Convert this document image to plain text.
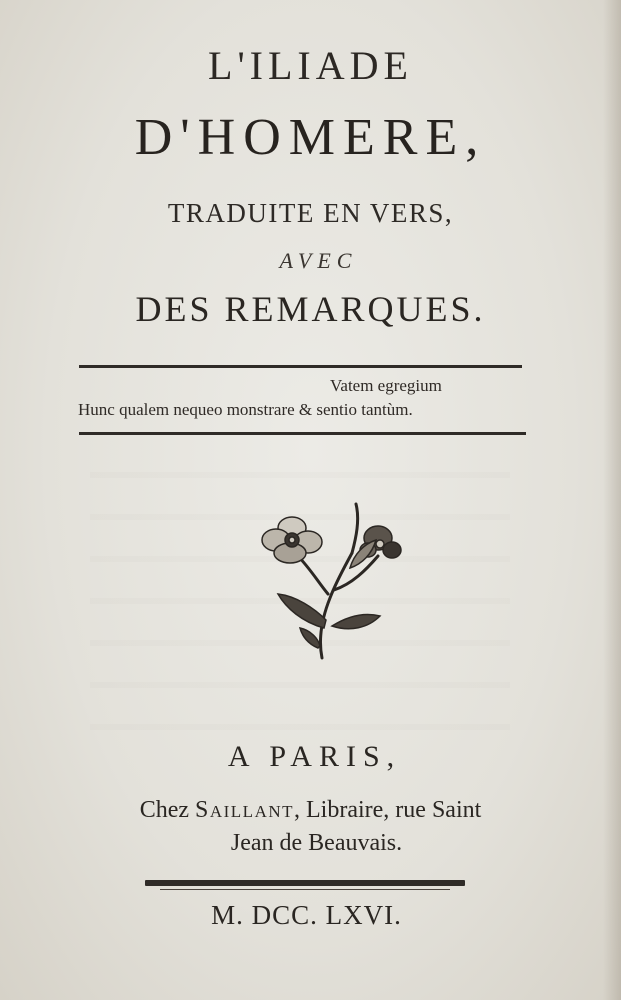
L'ILIADE
D'HOMERE,
TRADUITE EN VERS,
AVEC
DES REMARQUES.
Vatem egregium
Hunc qualem nequeo monstrare & sentio tantùm.
A PARIS,
Chez Saillant, Libraire, rue Saint
Jean de Beauvais.
M. DCC. LXVI.
